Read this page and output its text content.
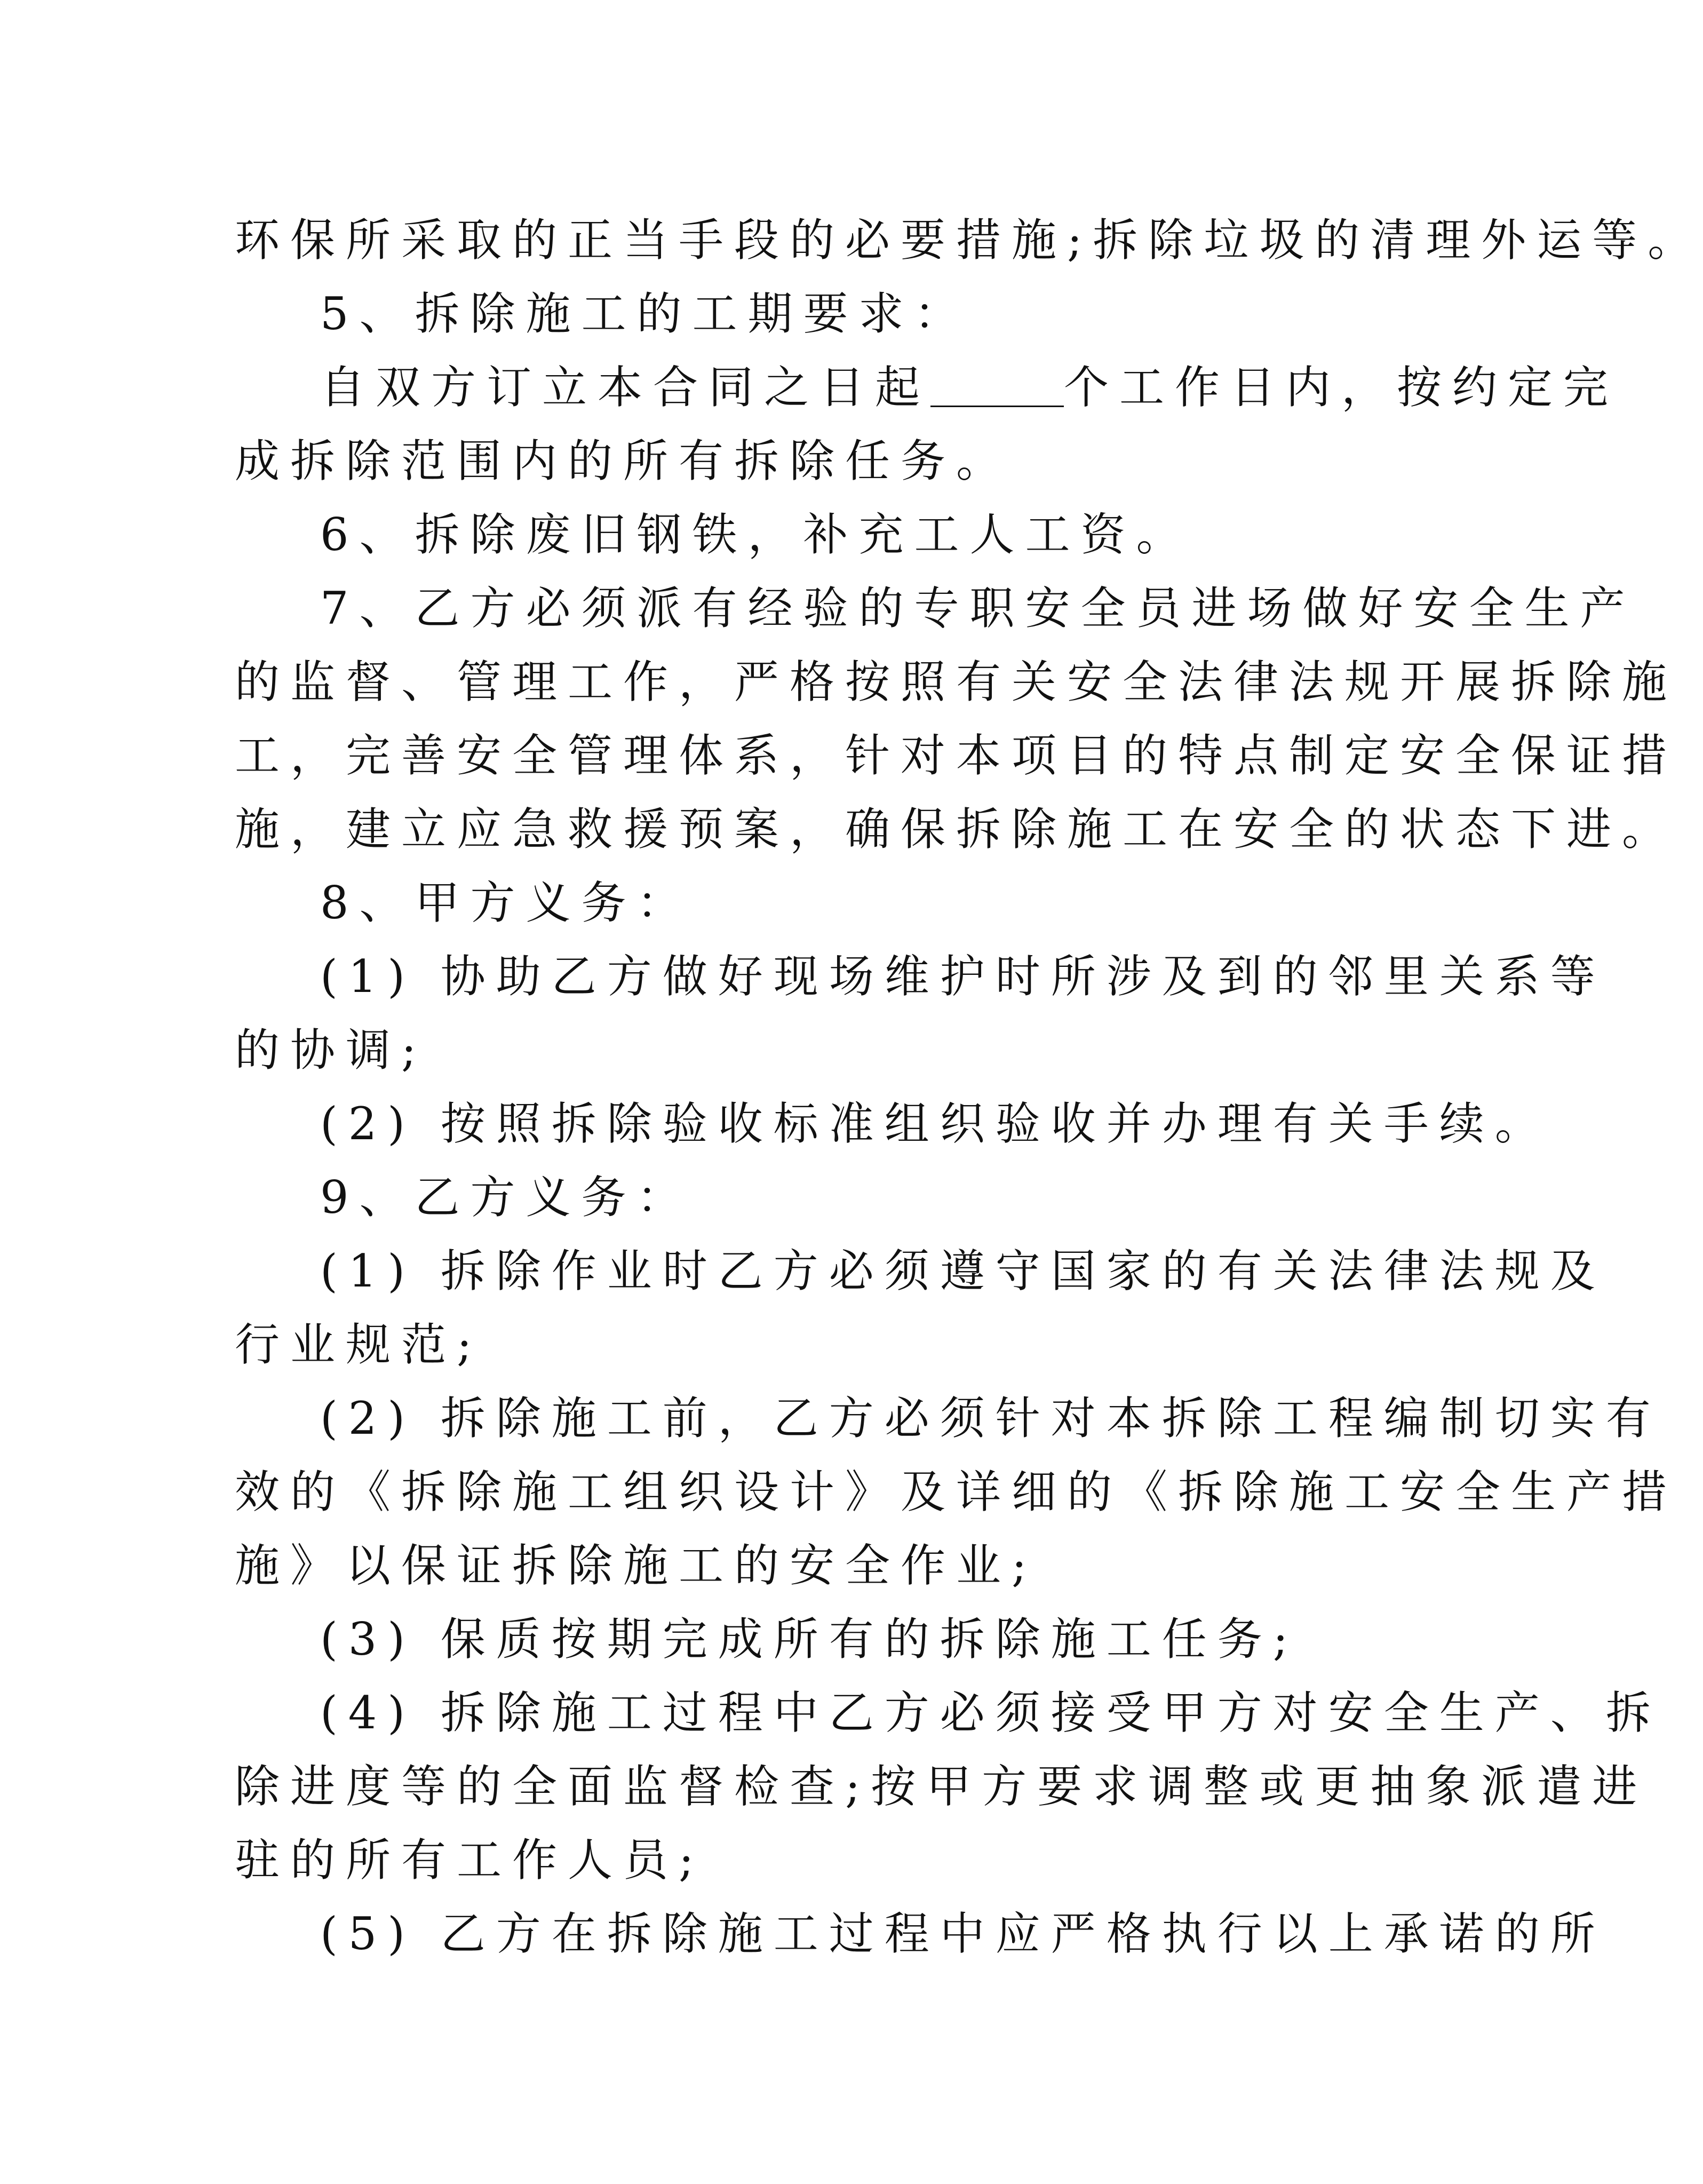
环保所采取的正当手段的必要措施;拆除垃圾的清理外运等。
5、拆除施工的工期要求：
自双方订立本合同之日起	个工作日内，按约定完
成拆除范围内的所有拆除任务。
6、拆除废旧钢铁，补充工人工资。
7、乙方必须派有经验的专职安全员进场做好安全生产
的监督、管理工作，严格按照有关安全法律法规开展拆除施
工，完善安全管理体系，针对本项目的特点制定安全保证措
施，建立应急救援预案，确保拆除施工在安全的状态下进。
8、甲方义务：
(1) 协助乙方做好现场维护时所涉及到的邻里关系等
的协调;
(2) 按照拆除验收标准组织验收并办理有关手续。
9、乙方义务：
(1) 拆除作业时乙方必须遵守国家的有关法律法规及
行业规范;
(2) 拆除施工前，乙方必须针对本拆除工程编制切实有
效的《拆除施工组织设计》及详细的《拆除施工安全生产措
施》以保证拆除施工的安全作业;
(3) 保质按期完成所有的拆除施工任务;
(4) 拆除施工过程中乙方必须接受甲方对安全生产、拆
除进度等的全面监督检查;按甲方要求调整或更抽象派遣进
驻的所有工作人员;
(5) 乙方在拆除施工过程中应严格执行以上承诺的所
